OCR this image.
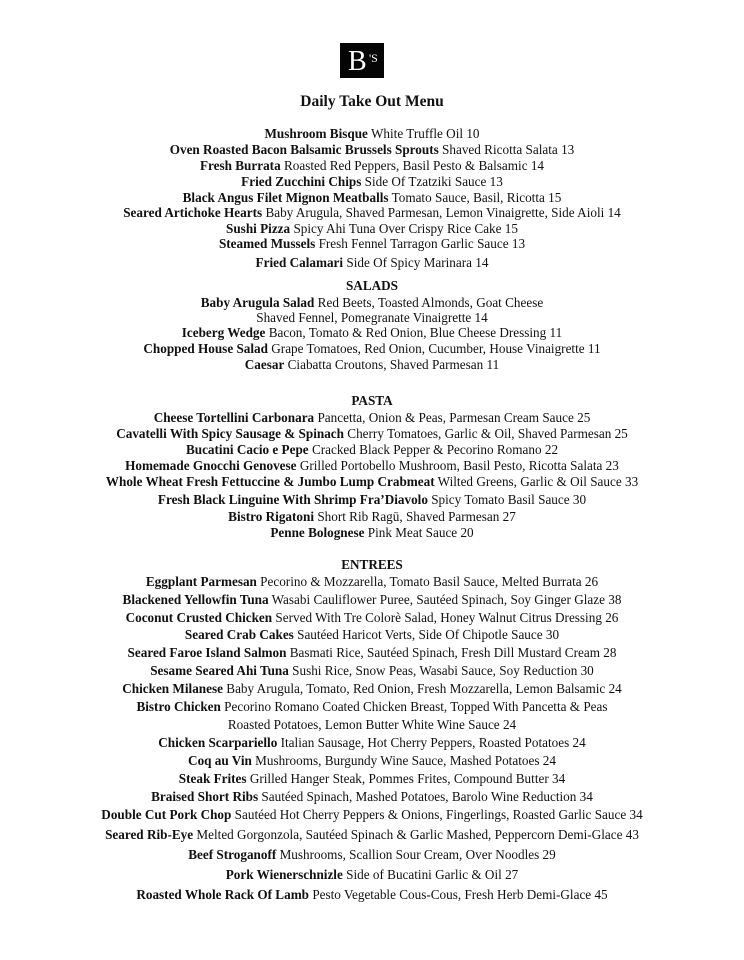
B 'S
Daily Take Out Menu
Mushroom Bisque White Truffle Oil 10
Oven Roasted Bacon Balsamic Brussels Sprouts Shaved Ricotta Salata 13
Fresh Burrata Roasted Red Peppers, Basil Pesto & Balsamic 14
Fried Zucchini Chips Side Of Tzatziki Sauce 13
Black Angus Filet Mignon Meatballs Tomato Sauce, Basil, Ricotta 15
Seared Artichoke Hearts Baby Arugula, Shaved Parmesan, Lemon Vinaigrette, Side Aioli 14
Sushi Pizza Spicy Ahi Tuna Over Crispy Rice Cake 15
Steamed Mussels Fresh Fennel Tarragon Garlic Sauce 13
Fried Calamari Side Of Spicy Marinara 14
SALADS
Baby Arugula Salad Red Beets, Toasted Almonds, Goat Cheese
Shaved Fennel, Pomegranate Vinaigrette 14
Iceberg Wedge Bacon, Tomato & Red Onion, Blue Cheese Dressing 11
Chopped House Salad Grape Tomatoes, Red Onion, Cucumber, House Vinaigrette 11
Caesar Ciabatta Croutons, Shaved Parmesan 11
PASTA
Cheese Tortellini Carbonara Pancetta, Onion & Peas, Parmesan Cream Sauce 25
Cavatelli With Spicy Sausage & Spinach Cherry Tomatoes, Garlic & Oil, Shaved Parmesan 25
Bucatini Cacio e Pepe Cracked Black Pepper & Pecorino Romano 22
Homemade Gnocchi Genovese Grilled Portobello Mushroom, Basil Pesto, Ricotta Salata 23
Whole Wheat Fresh Fettuccine & Jumbo Lump Crabmeat Wilted Greens, Garlic & Oil Sauce 33
Fresh Black Linguine With Shrimp Fra’Diavolo Spicy Tomato Basil Sauce 30
Bistro Rigatoni Short Rib Ragū, Shaved Parmesan 27
Penne Bolognese Pink Meat Sauce 20
ENTREES
Eggplant Parmesan Pecorino & Mozzarella, Tomato Basil Sauce, Melted Burrata 26
Blackened Yellowfin Tuna Wasabi Cauliflower Puree, Sautéed Spinach, Soy Ginger Glaze 38
Coconut Crusted Chicken Served With Tre Colorè Salad, Honey Walnut Citrus Dressing 26
Seared Crab Cakes Sautéed Haricot Verts, Side Of Chipotle Sauce 30
Seared Faroe Island Salmon Basmati Rice, Sautéed Spinach, Fresh Dill Mustard Cream 28
Sesame Seared Ahi Tuna Sushi Rice, Snow Peas, Wasabi Sauce, Soy Reduction 30
Chicken Milanese Baby Arugula, Tomato, Red Onion, Fresh Mozzarella, Lemon Balsamic 24
Bistro Chicken Pecorino Romano Coated Chicken Breast, Topped With Pancetta & Peas
Roasted Potatoes, Lemon Butter White Wine Sauce 24
Chicken Scarpariello Italian Sausage, Hot Cherry Peppers, Roasted Potatoes 24
Coq au Vin Mushrooms, Burgundy Wine Sauce, Mashed Potatoes 24
Steak Frites Grilled Hanger Steak, Pommes Frites, Compound Butter 34
Braised Short Ribs Sautéed Spinach, Mashed Potatoes, Barolo Wine Reduction 34
Double Cut Pork Chop Sautéed Hot Cherry Peppers & Onions, Fingerlings, Roasted Garlic Sauce 34
Seared Rib-Eye Melted Gorgonzola, Sautéed Spinach & Garlic Mashed, Peppercorn Demi-Glace 43
Beef Stroganoff Mushrooms, Scallion Sour Cream, Over Noodles 29
Pork Wienerschnizle Side of Bucatini Garlic & Oil 27
Roasted Whole Rack Of Lamb Pesto Vegetable Cous-Cous, Fresh Herb Demi-Glace 45
